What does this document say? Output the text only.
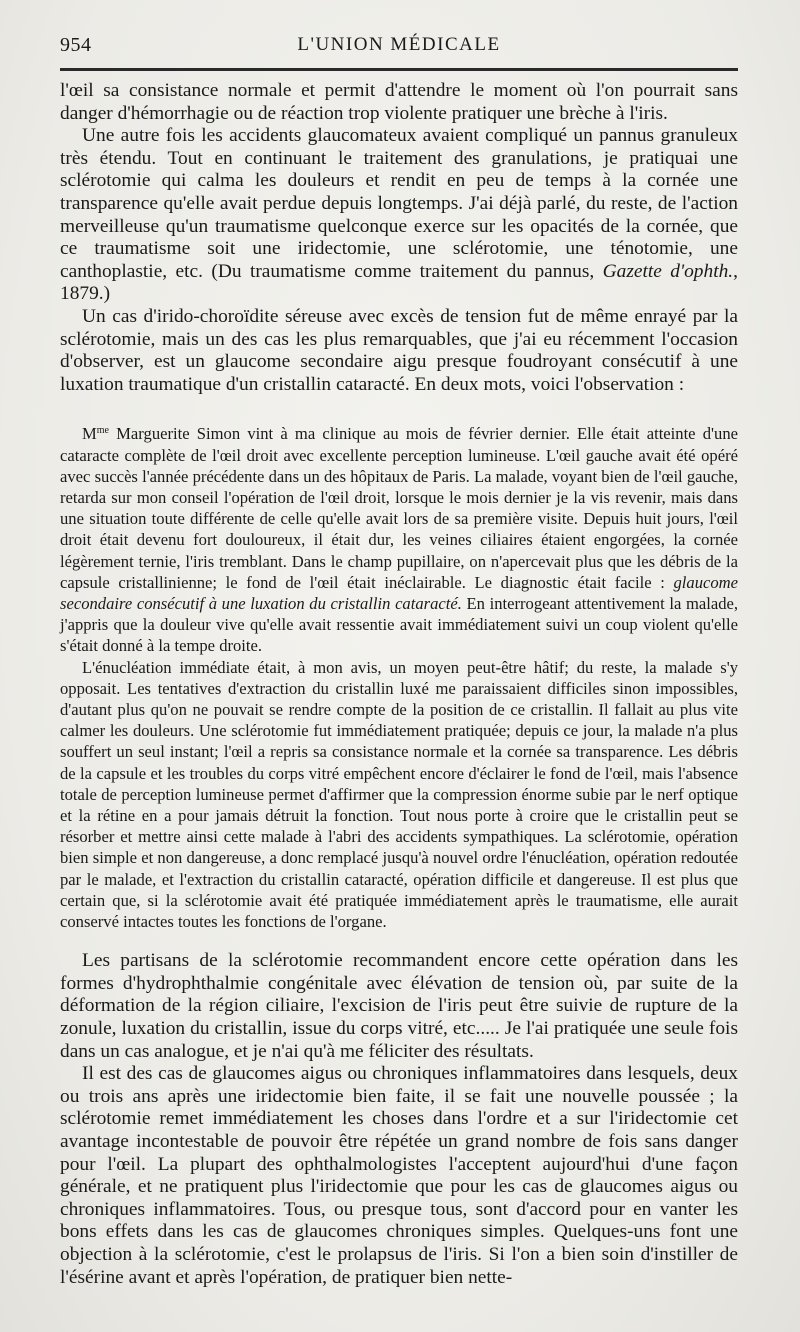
954	L'UNION MÉDICALE

l'œil sa consistance normale et permit d'attendre le moment où l'on pourrait sans danger d'hémorrhagie ou de réaction trop violente pratiquer une brèche à l'iris.

Une autre fois les accidents glaucomateux avaient compliqué un pannus granuleux très étendu. Tout en continuant le traitement des granulations, je pratiquai une sclérotomie qui calma les douleurs et rendit en peu de temps à la cornée une transparence qu'elle avait perdue depuis longtemps. J'ai déjà parlé, du reste, de l'action merveilleuse qu'un traumatisme quelconque exerce sur les opacités de la cornée, que ce traumatisme soit une iridectomie, une sclérotomie, une ténotomie, une canthoplastie, etc. (Du traumatisme comme traitement du pannus, Gazette d'ophth., 1879.)

Un cas d'irido-choroïdite séreuse avec excès de tension fut de même enrayé par la sclérotomie, mais un des cas les plus remarquables, que j'ai eu récemment l'occasion d'observer, est un glaucome secondaire aigu presque foudroyant consécutif à une luxation traumatique d'un cristallin cataracté. En deux mots, voici l'observation :

$M^{me}$ Marguerite Simon vint à ma clinique au mois de février dernier. Elle était atteinte d'une cataracte complète de l'œil droit avec excellente perception lumineuse. L'œil gauche avait été opéré avec succès l'année précédente dans un des hôpitaux de Paris. La malade, voyant bien de l'œil gauche, retarda sur mon conseil l'opération de l'œil droit, lorsque le mois dernier je la vis revenir, mais dans une situation toute différente de celle qu'elle avait lors de sa première visite. Depuis huit jours, l'œil droit était devenu fort douloureux, il était dur, les veines ciliaires étaient engorgées, la cornée légèrement ternie, l'iris tremblant. Dans le champ pupillaire, on n'apercevait plus que les débris de la capsule cristallinienne; le fond de l'œil était inéclairable. Le diagnostic était facile : glaucome secondaire consécutif à une luxation du cristallin cataracté. En interrogeant attentivement la malade, j'appris que la douleur vive qu'elle avait ressentie avait immédiatement suivi un coup violent qu'elle s'était donné à la tempe droite.

L'énucléation immédiate était, à mon avis, un moyen peut-être hâtif; du reste, la malade s'y opposait. Les tentatives d'extraction du cristallin luxé me paraissaient difficiles sinon impossibles, d'autant plus qu'on ne pouvait se rendre compte de la position de ce cristallin. Il fallait au plus vite calmer les douleurs. Une sclérotomie fut immédiatement pratiquée; depuis ce jour, la malade n'a plus souffert un seul instant; l'œil a repris sa consistance normale et la cornée sa transparence. Les débris de la capsule et les troubles du corps vitré empêchent encore d'éclairer le fond de l'œil, mais l'absence totale de perception lumineuse permet d'affirmer que la compression énorme subie par le nerf optique et la rétine en a pour jamais détruit la fonction. Tout nous porte à croire que le cristallin peut se résorber et mettre ainsi cette malade à l'abri des accidents sympathiques. La sclérotomie, opération bien simple et non dangereuse, a donc remplacé jusqu'à nouvel ordre l'énucléation, opération redoutée par le malade, et l'extraction du cristallin cataracté, opération difficile et dangereuse. Il est plus que certain que, si la sclérotomie avait été pratiquée immédiatement après le traumatisme, elle aurait conservé intactes toutes les fonctions de l'organe.

Les partisans de la sclérotomie recommandent encore cette opération dans les formes d'hydrophthalmie congénitale avec élévation de tension où, par suite de la déformation de la région ciliaire, l'excision de l'iris peut être suivie de rupture de la zonule, luxation du cristallin, issue du corps vitré, etc..... Je l'ai pratiquée une seule fois dans un cas analogue, et je n'ai qu'à me féliciter des résultats.

Il est des cas de glaucomes aigus ou chroniques inflammatoires dans lesquels, deux ou trois ans après une iridectomie bien faite, il se fait une nouvelle poussée ; la sclérotomie remet immédiatement les choses dans l'ordre et a sur l'iridectomie cet avantage incontestable de pouvoir être répétée un grand nombre de fois sans danger pour l'œil. La plupart des ophthalmologistes l'acceptent aujourd'hui d'une façon générale, et ne pratiquent plus l'iridectomie que pour les cas de glaucomes aigus ou chroniques inflammatoires. Tous, ou presque tous, sont d'accord pour en vanter les bons effets dans les cas de glaucomes chroniques simples. Quelques-uns font une objection à la sclérotomie, c'est le prolapsus de l'iris. Si l'on a bien soin d'instiller de l'ésérine avant et après l'opération, de pratiquer bien nette-
